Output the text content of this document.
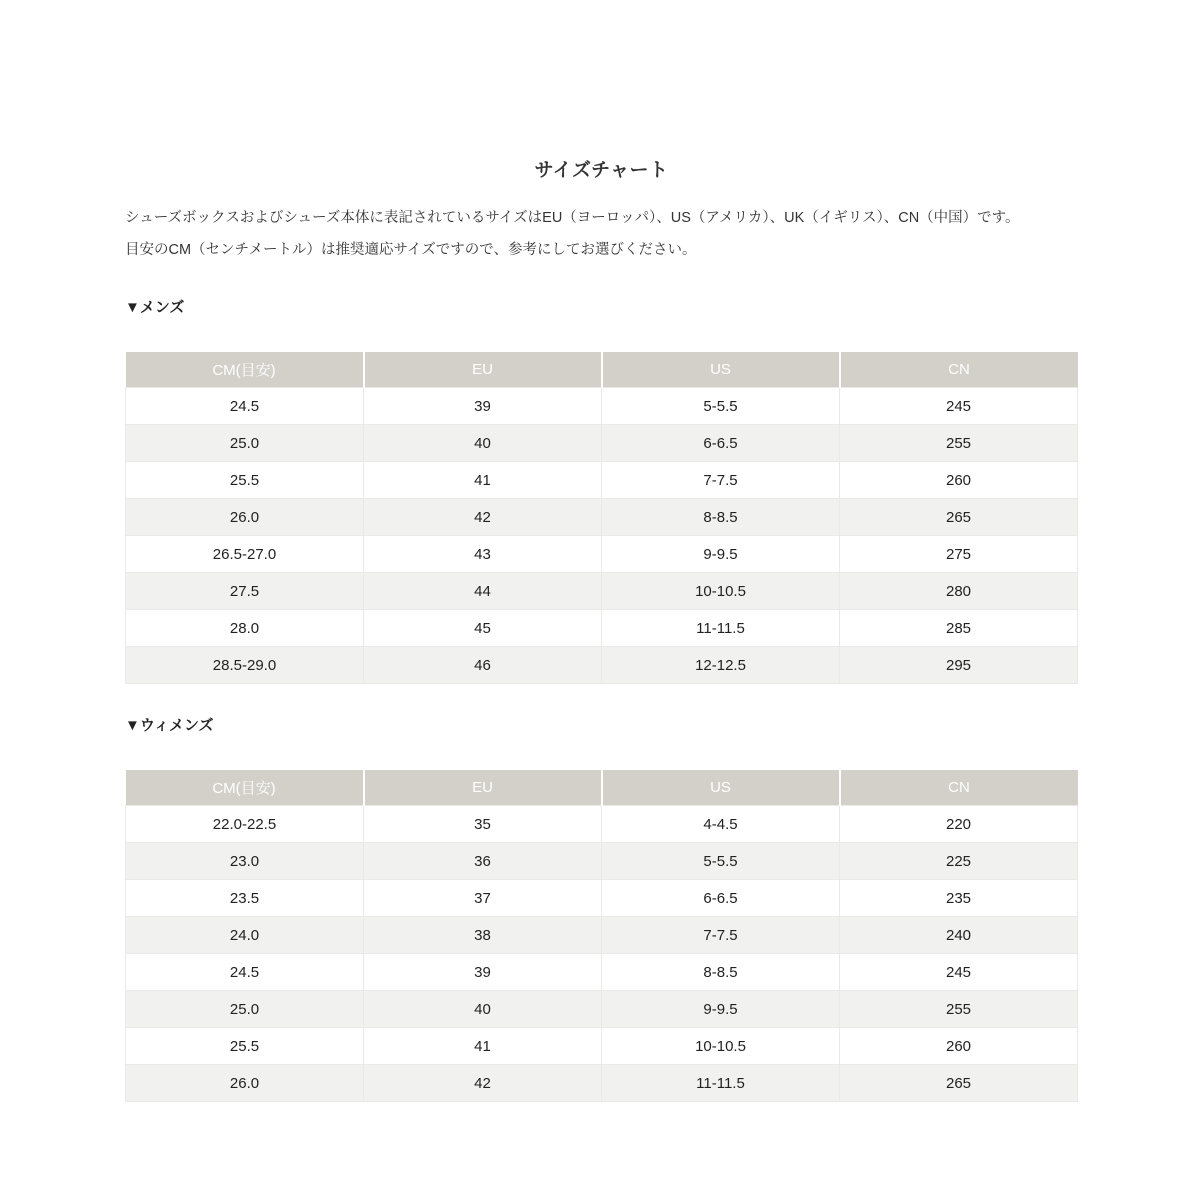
サイズチャート

シューズボックスおよびシューズ本体に表記されているサイズはEU（ヨーロッパ）、US（アメリカ）、UK（イギリス）、CN（中国）です。

目安のCM（センチメートル）は推奨適応サイズですので、参考にしてお選びください。

▼メンズ
CM(目安)	EU	US	CN
24.5	39	5-5.5	245
25.0	40	6-6.5	255
25.5	41	7-7.5	260
26.0	42	8-8.5	265
26.5-27.0	43	9-9.5	275
27.5	44	10-10.5	280
28.0	45	11-11.5	285
28.5-29.0	46	12-12.5	295
▼ウィメンズ
CM(目安)	EU	US	CN
22.0-22.5	35	4-4.5	220
23.0	36	5-5.5	225
23.5	37	6-6.5	235
24.0	38	7-7.5	240
24.5	39	8-8.5	245
25.0	40	9-9.5	255
25.5	41	10-10.5	260
26.0	42	11-11.5	265
